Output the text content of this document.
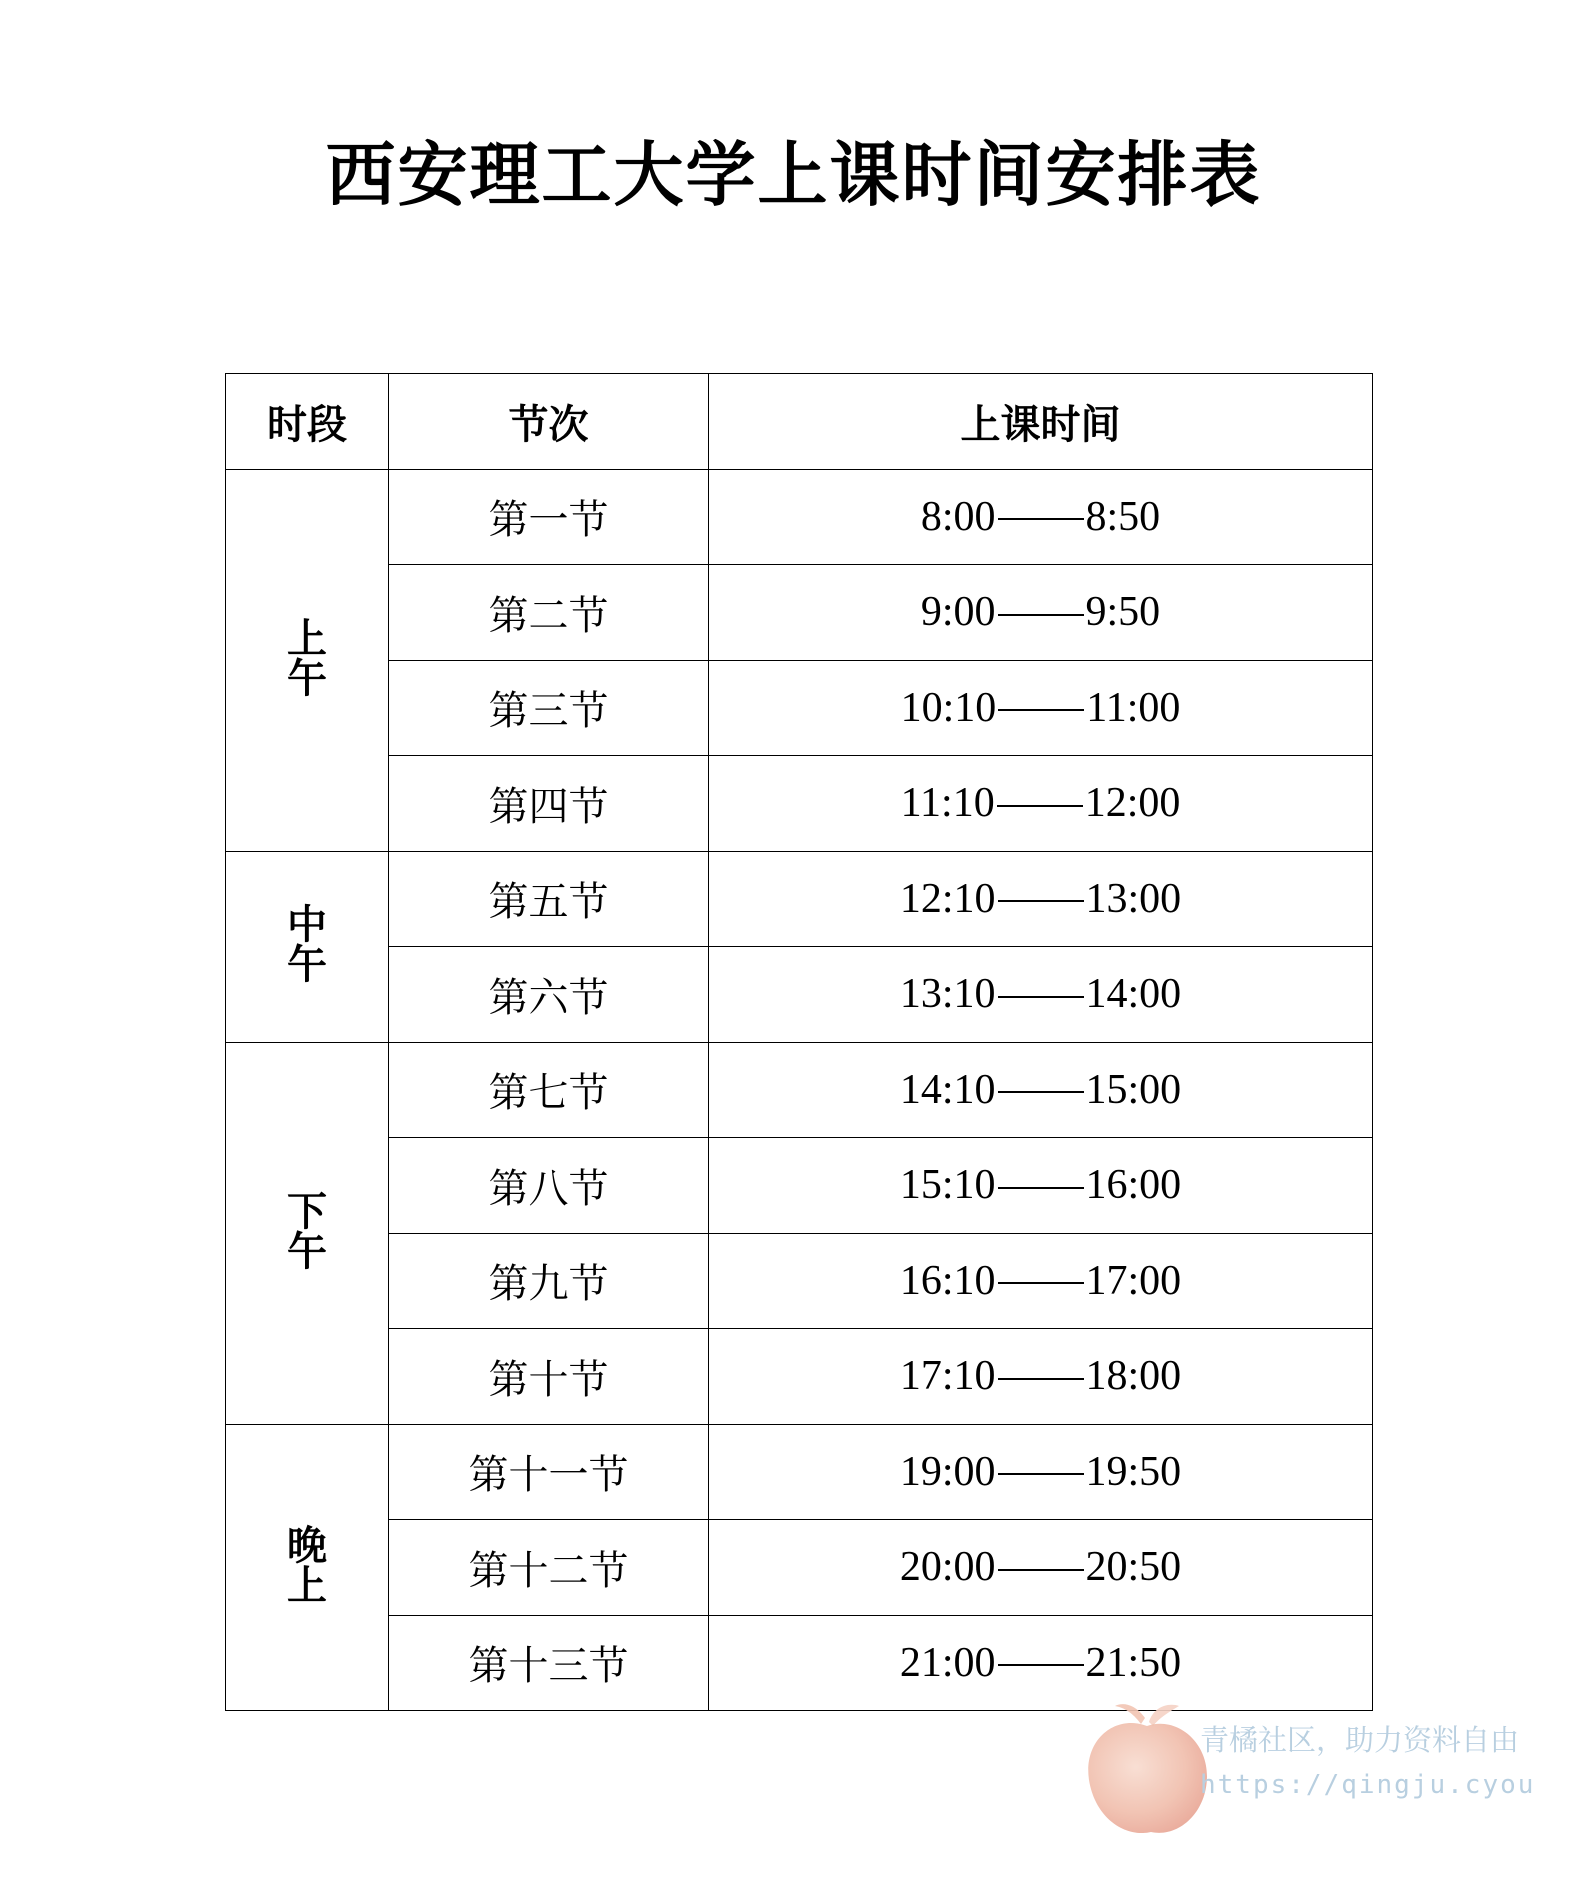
西安理工大学上课时间安排表
时段	节次	上课时间
上午	第一节	8:00 8:50
	第二节	9:00 9:50
	第三节	10:10 11:00
	第四节	11:10 12:00
中午	第五节	12:10 13:00
	第六节	13:10 14:00
下午	第七节	14:10 15:00
	第八节	15:10 16:00
	第九节	16:10 17:00
	第十节	17:10 18:00
晚上	第十一节	19:00 19:50
	第十二节	20:00 20:50
	第十三节	21:00 21:50
青橘社区，助力资料自由
https://qingju.cyou
